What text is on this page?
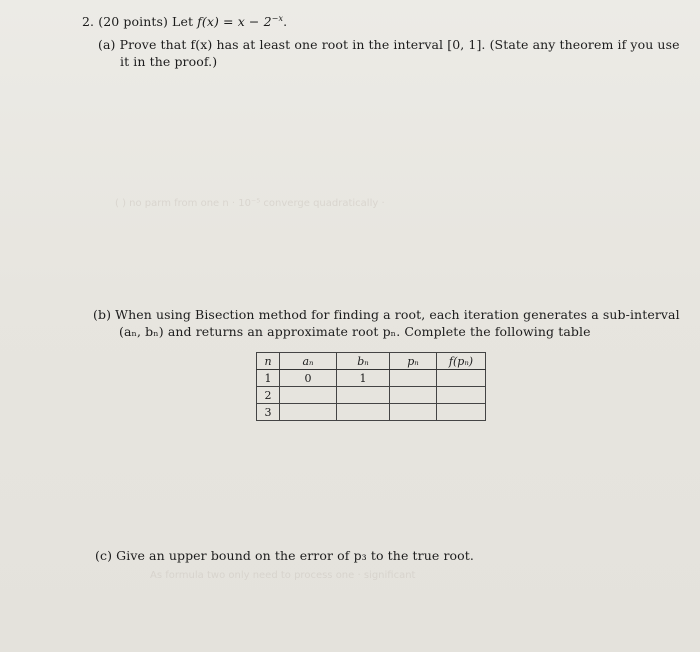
2. (20 points) Let $f(x) = x - 2^{-x}$.
(a) Prove that f(x) has at least one root in the interval [0, 1]. (State any theorem if you use
it in the proof.)
( ) no parm from one n · 10⁻⁵ converge quadratically ·
(b) When using Bisection method for finding a root, each iteration generates a sub-interval
(aₙ, bₙ) and returns an approximate root pₙ. Complete the following table
n	aₙ	bₙ	pₙ	f(pₙ)
1	0	1		
2				
3				
(c) Give an upper bound on the error of p₃ to the true root.
As formula two only need to process one · significant
